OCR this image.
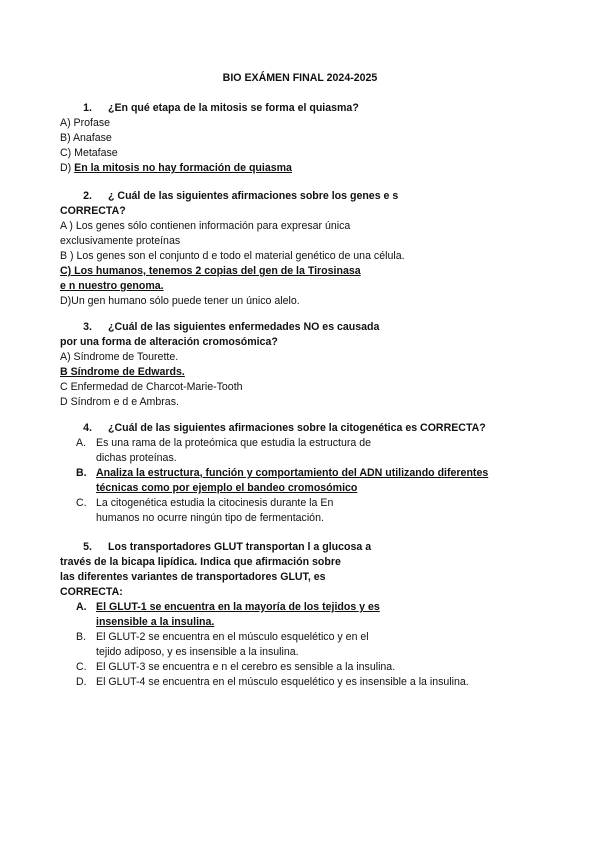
BIO EXÁMEN FINAL 2024-2025
1. ¿En qué etapa de la mitosis se forma el quiasma?
A) Profase
B) Anafase
C) Metafase
D) En la mitosis no hay formación de quiasma
2. ¿ Cuál de las siguientes afirmaciones sobre los genes e s
CORRECTA?
A ) Los genes sólo contienen información para expresar única
exclusivamente proteínas
B ) Los genes son el conjunto d e todo el material genético de una célula.
C) Los humanos, tenemos 2 copias del gen de la Tirosinasa
e n nuestro genoma.
D)Un gen humano sólo puede tener un único alelo.
3. ¿Cuál de las siguientes enfermedades NO es causada
por una forma de alteración cromosómica?
A) Síndrome de Tourette.
B Síndrome de Edwards.
C Enfermedad de Charcot-Marie-Tooth
D Síndrom e d e Ambras.
4. ¿Cuál de las siguientes afirmaciones sobre la citogenética es CORRECTA?
A. Es una rama de la proteómica que estudia la estructura de
dichas proteínas.
B. Analiza la estructura, función y comportamiento del ADN utilizando diferentes
técnicas como por ejemplo el bandeo cromosómico
C. La citogenética estudia la citocinesis durante la En
humanos no ocurre ningún tipo de fermentación.
5. Los transportadores GLUT transportan l a glucosa a
través de la bicapa lipídica. Indica que afirmación sobre
las diferentes variantes de transportadores GLUT, es
CORRECTA:
A. El GLUT-1 se encuentra en la mayoría de los tejidos y es
insensible a la insulina.
B. El GLUT-2 se encuentra en el músculo esquelético y en el
tejido adiposo, y es insensible a la insulina.
C. El GLUT-3 se encuentra e n el cerebro es sensible a la insulina.
D. El GLUT-4 se encuentra en el músculo esquelético y es insensible a la insulina.
